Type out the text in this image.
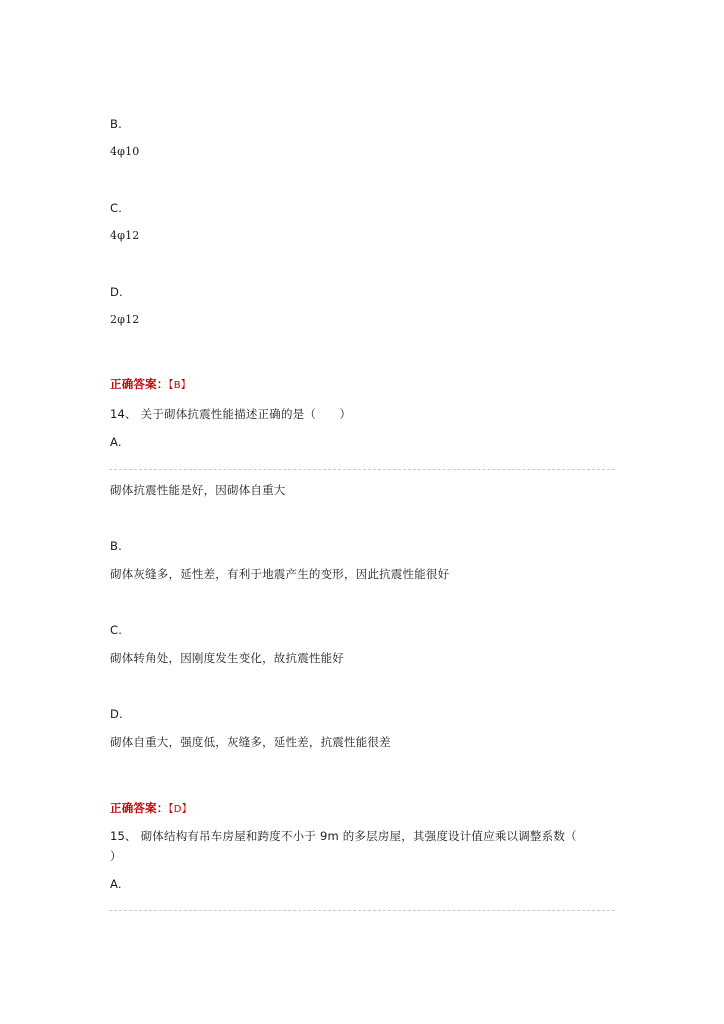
B.
4φ10
C.
4φ12
D.
2φ12
正确答案：【B】
14、 关于砌体抗震性能描述正确的是（　　）
A.
砌体抗震性能是好，因砌体自重大
B.
砌体灰缝多，延性差，有利于地震产生的变形，因此抗震性能很好
C.
砌体转角处，因刚度发生变化，故抗震性能好
D.
砌体自重大，强度低，灰缝多，延性差，抗震性能很差
正确答案：【D】
15、 砌体结构有吊车房屋和跨度不小于 9m 的多层房屋，其强度设计值应乘以调整系数（
）
A.
